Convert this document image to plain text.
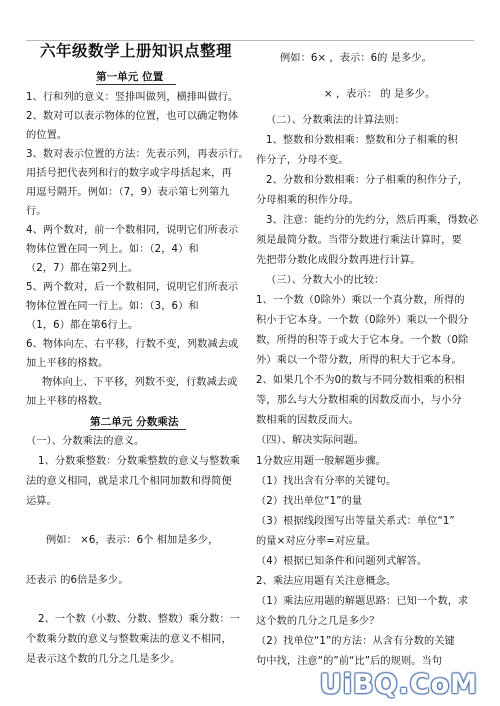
六年级数学上册知识点整理
第一单元 位置
1、行和列的意义：竖排叫做列，横排叫做行。
2、数对可以表示物体的位置，也可以确定物体
的位置。
3、数对表示位置的方法：先表示列，再表示行。
用括号把代表列和行的数字或字母括起来，再
用逗号隔开。例如：（7，9）表示第七列第九
行。
4、两个数对，前一个数相同，说明它们所表示
物体位置在同一列上。如：（2，4）和
（2，7）都在第2列上。
5、两个数对，后一个数相同，说明它们所表示
物体位置在同一行上。如：（3，6）和
（1，6）都在第6行上。
6、物体向左、右平移，行数不变，列数减去或
加上平移的格数。
物体向上、下平移，列数不变，行数减去或
加上平移的格数。
第二单元 分数乘法
（一）、分数乘法的意义。
1、分数乘整数：分数乘整数的意义与整数乘
法的意义相同，就是求几个相同加数和得简便
运算。
例如： ×6，表示：6个 相加是多少，
还表示 的6倍是多少。
2、一个数（小数、分数、整数）乘分数：一
个数乘分数的意义与整数乘法的意义不相同，
是表示这个数的几分之几是多少。
例如：6× ，表示：6的 是多少。
× ，表示： 的 是多少。
（二）、分数乘法的计算法则：
1、整数和分数相乘：整数和分子相乘的积
作分子，分母不变。
2、分数和分数相乘：分子相乘的积作分子，
分母相乘的积作分母。
3、注意：能约分的先约分，然后再乘，得数必
须是最简分数。当带分数进行乘法计算时，要
先把带分数化成假分数再进行计算。
（三）、分数大小的比较：
1、一个数（0除外）乘以一个真分数，所得的
积小于它本身。一个数（0除外）乘以一个假分
数，所得的积等于或大于它本身。一个数（0除
外）乘以一个带分数，所得的积大于它本身。
2、如果几个不为0的数与不同分数相乘的积相
等，那么与大分数相乘的因数反而小，与小分
数相乘的因数反而大。
（四）、解决实际问题。
1分数应用题一般解题步骤。
（1）找出含有分率的关键句。
（2）找出单位“1”的量
（3）根据线段图写出等量关系式：单位“1”
的量×对应分率=对应量。
（4）根据已知条件和问题列式解答。
2、乘法应用题有关注意概念。
（1）乘法应用题的解题思路：已知一个数，求
这个数的几分之几是多少？
（2）找单位“1”的方法：从含有分数的关键
句中找，注意“的”前“比”后的规则。当句
UiBQ.CoM
